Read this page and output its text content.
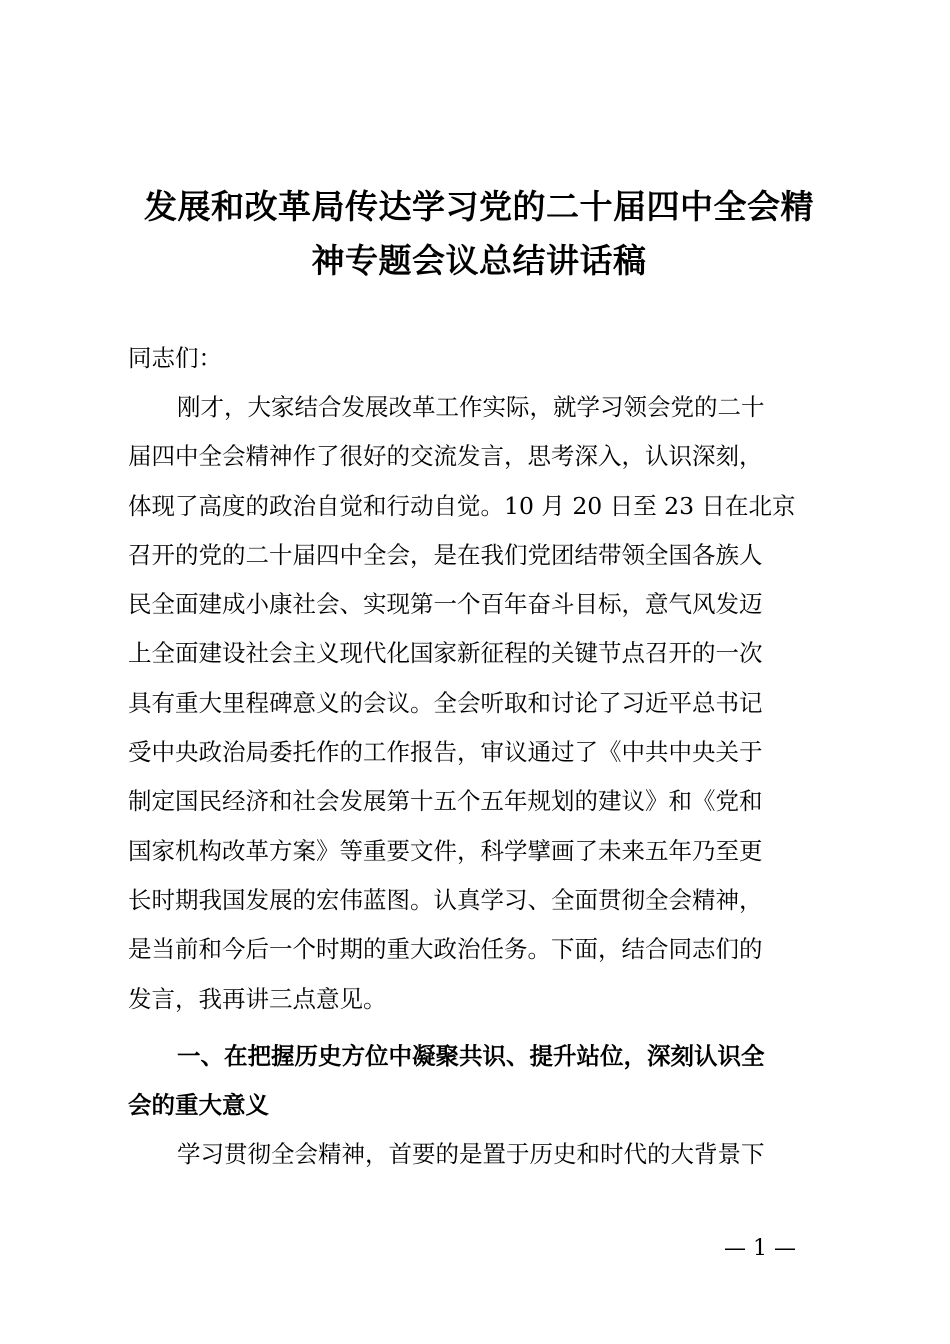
发展和改革局传达学习党的二十届四中全会精
神专题会议总结讲话稿
同志们：
刚才，大家结合发展改革工作实际，就学习领会党的二十
届四中全会精神作了很好的交流发言，思考深入，认识深刻，
体现了高度的政治自觉和行动自觉。10 月 20 日至 23 日在北京
召开的党的二十届四中全会，是在我们党团结带领全国各族人
民全面建成小康社会、实现第一个百年奋斗目标，意气风发迈
上全面建设社会主义现代化国家新征程的关键节点召开的一次
具有重大里程碑意义的会议。全会听取和讨论了习近平总书记
受中央政治局委托作的工作报告，审议通过了《中共中央关于
制定国民经济和社会发展第十五个五年规划的建议》和《党和
国家机构改革方案》等重要文件，科学擘画了未来五年乃至更
长时期我国发展的宏伟蓝图。认真学习、全面贯彻全会精神，
是当前和今后一个时期的重大政治任务。下面，结合同志们的
发言，我再讲三点意见。
一、在把握历史方位中凝聚共识、提升站位，深刻认识全
会的重大意义
学习贯彻全会精神，首要的是置于历史和时代的大背景下
— 1 —
